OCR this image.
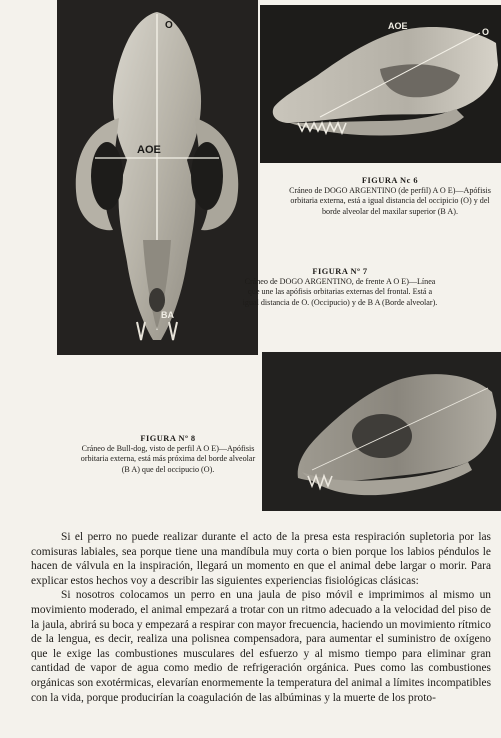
O
AOE
BA
AOE
O
FIGURA Nc 6
Cráneo de DOGO ARGENTINO (de perfil) A O E)—Apófisis orbitaria externa, está a igual distancia del occipicio (O) y del borde alveolar del maxilar superior (B A).
FIGURA Nº 7
Cráneo de DOGO ARGENTINO, de frente A O E)—Línea que une las apófisis orbitarias externas del frontal. Está a igual distancia de O. (Occipucio) y de B A (Borde alveolar).
FIGURA Nº 8
Cráneo de Bull-dog, visto de perfil A O E)—Apófisis orbitaria externa, está más próxima del borde alveolar (B A) que del occipucio (O).

Si el perro no puede realizar durante el acto de la presa esta respiración supletoria por las comisuras labiales, sea porque tiene una mandíbula muy corta o bien porque los labios péndulos le hacen de válvula en la inspiración, llegará un momento en que el animal debe largar o morir. Para explicar estos hechos voy a describir las siguientes experiencias fisiológicas clásicas:

Si nosotros colocamos un perro en una jaula de piso móvil e imprimimos al mismo un movimiento moderado, el animal empezará a trotar con un ritmo adecuado a la velocidad del piso de la jaula, abrirá su boca y empezará a respirar con mayor frecuencia, haciendo un movimiento rítmico de la lengua, es decir, realiza una polisnea compensadora, para aumentar el suministro de oxígeno que le exige las combustiones musculares del esfuerzo y al mismo tiempo para eliminar gran cantidad de vapor de agua como medio de refrigeración orgánica. Pues como las combustiones orgánicas son exotérmicas, elevarían enormemente la temperatura del animal a límites incompatibles con la vida, porque producirían la coagulación de las albúminas y la muerte de los proto-
